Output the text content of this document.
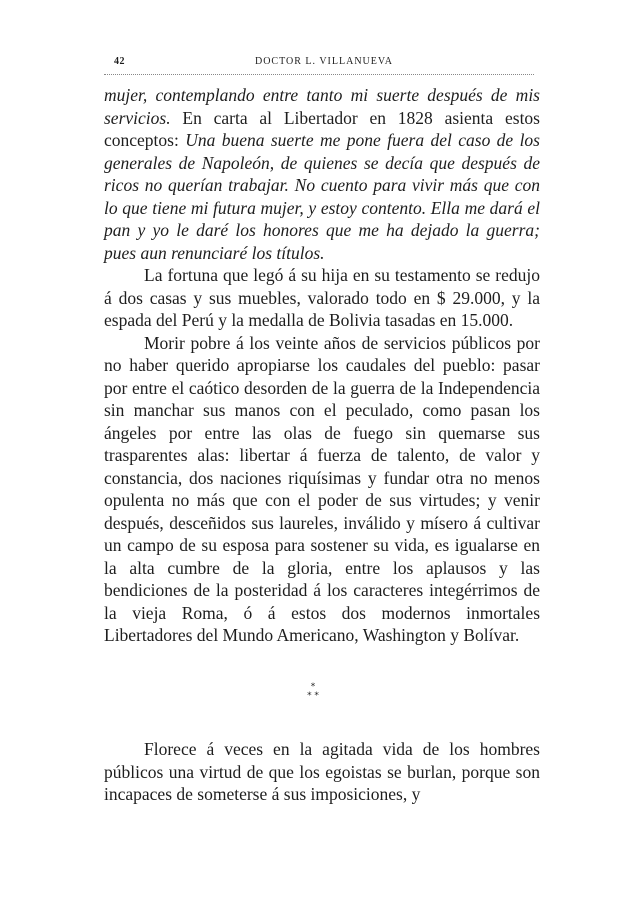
42	DOCTOR L. VILLANUEVA

mujer, contemplando entre tanto mi suerte después de mis servicios. En carta al Libertador en 1828 asienta estos conceptos: Una buena suerte me pone fuera del caso de los generales de Napoleón, de quienes se decía que después de ricos no querían trabajar. No cuento para vivir más que con lo que tiene mi futura mujer, y estoy contento. Ella me dará el pan y yo le daré los honores que me ha dejado la guerra; pues aun renunciaré los títulos.

La fortuna que legó á su hija en su testamento se redujo á dos casas y sus muebles, valorado todo en $ 29.000, y la espada del Perú y la medalla de Bolivia tasadas en 15.000.

Morir pobre á los veinte años de servicios públicos por no haber querido apropiarse los caudales del pueblo: pasar por entre el caótico desorden de la guerra de la Independencia sin manchar sus manos con el peculado, como pasan los ángeles por entre las olas de fuego sin quemarse sus trasparentes alas: libertar á fuerza de talento, de valor y constancia, dos naciones riquísimas y fundar otra no menos opulenta no más que con el poder de sus virtudes; y venir después, desceñidos sus laureles, inválido y mísero á cultivar un campo de su esposa para sostener su vida, es igualarse en la alta cumbre de la gloria, entre los aplausos y las bendiciones de la posteridad á los caracteres integérrimos de la vieja Roma, ó á estos dos modernos inmortales Libertadores del Mundo Americano, Washington y Bolívar.

*
* *

Florece á veces en la agitada vida de los hombres públicos una virtud de que los egoistas se burlan, porque son incapaces de someterse á sus imposiciones, y
